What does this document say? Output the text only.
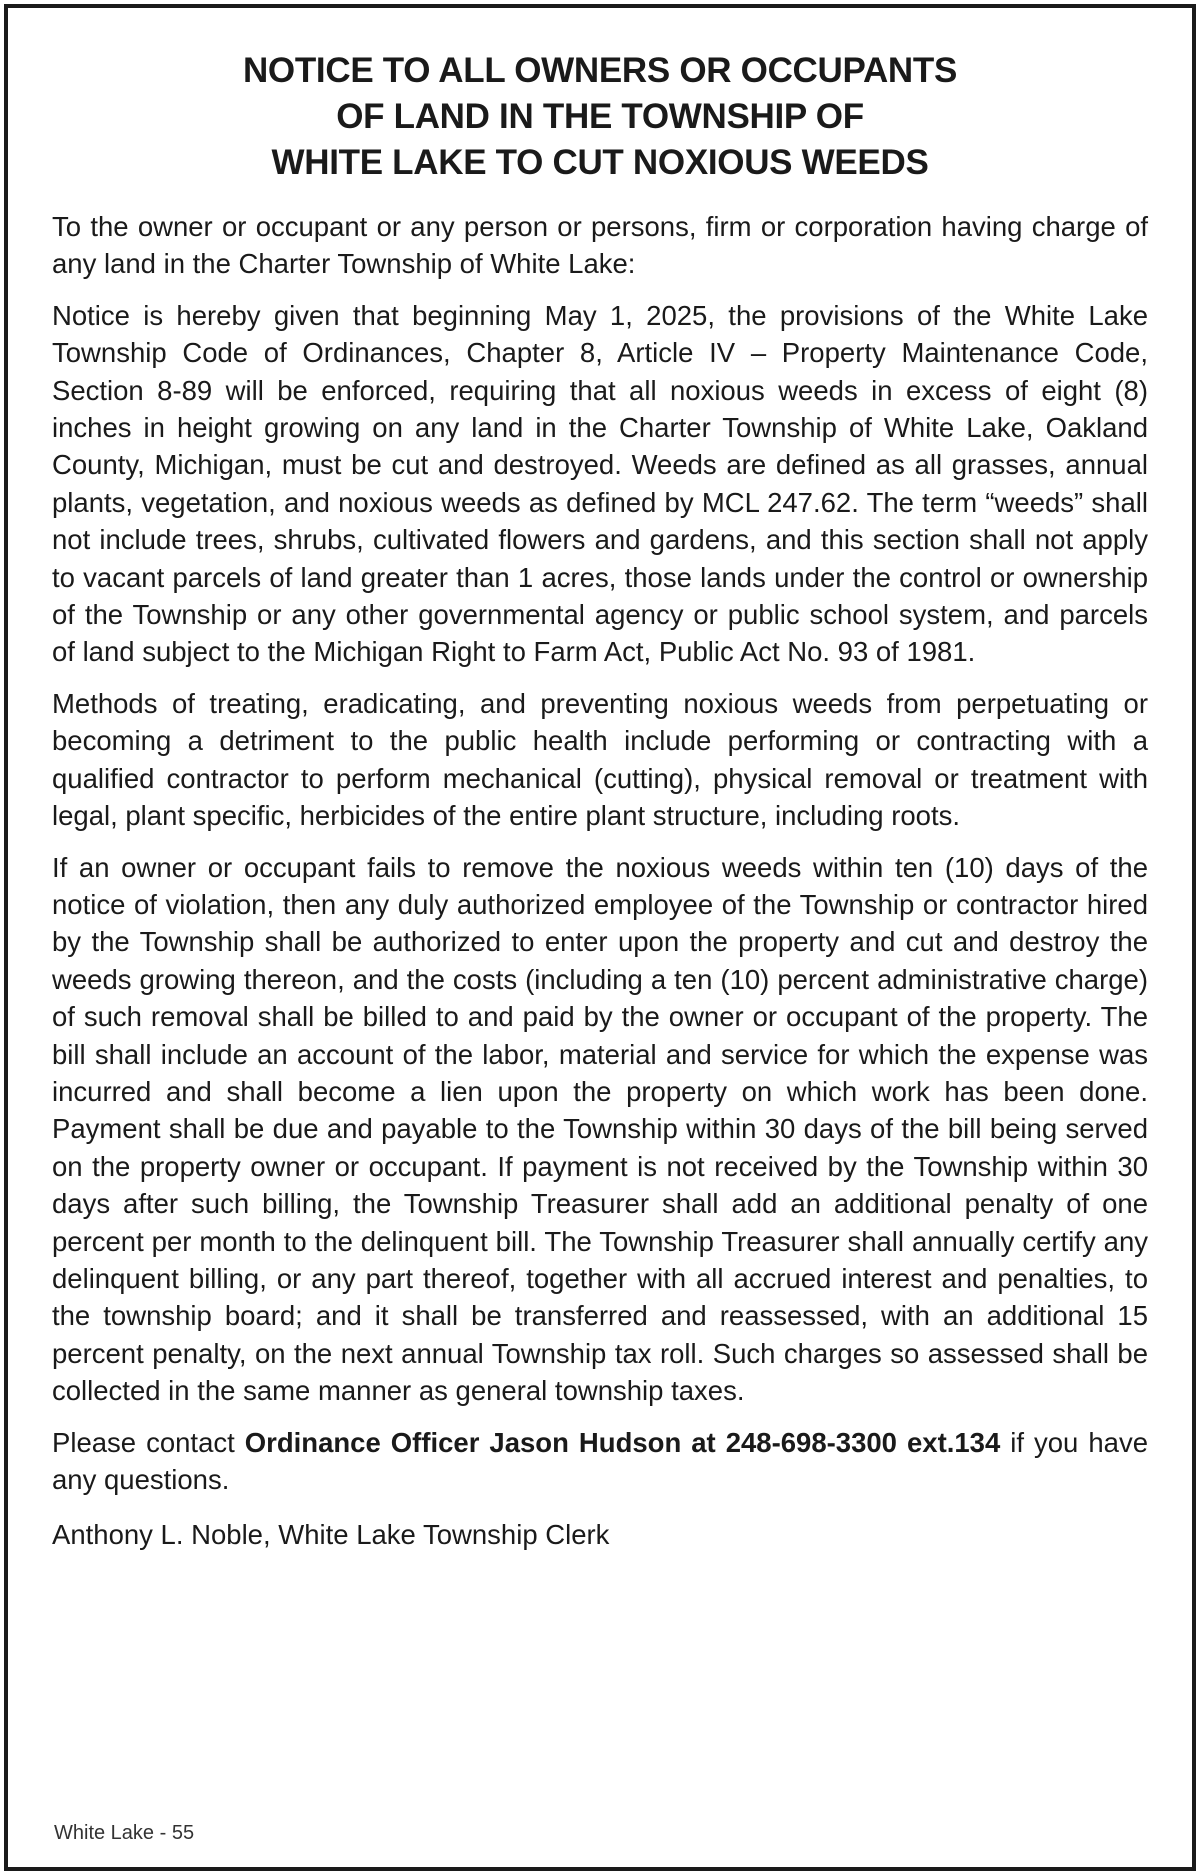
NOTICE TO ALL OWNERS OR OCCUPANTS
OF LAND IN THE TOWNSHIP OF
WHITE LAKE TO CUT NOXIOUS WEEDS

To the owner or occupant or any person or persons, firm or corporation having charge of any land in the Charter Township of White Lake:

Notice is hereby given that beginning May 1, 2025, the provisions of the White Lake Township Code of Ordinances, Chapter 8, Article IV – Property Maintenance Code, Section 8-89 will be enforced, requiring that all noxious weeds in excess of eight (8) inches in height growing on any land in the Charter Township of White Lake, Oakland County, Michigan, must be cut and destroyed. Weeds are defined as all grasses, annual plants, vegetation, and noxious weeds as defined by MCL 247.62. The term “weeds” shall not include trees, shrubs, cultivated flowers and gardens, and this section shall not apply to vacant parcels of land greater than 1 acres, those lands under the control or ownership of the Township or any other governmental agency or public school system, and parcels of land subject to the Michigan Right to Farm Act, Public Act No. 93 of 1981.

Methods of treating, eradicating, and preventing noxious weeds from perpetuating or becoming a detriment to the public health include performing or contracting with a qualified contractor to perform mechanical (cutting), physical removal or treatment with legal, plant specific, herbicides of the entire plant structure, including roots.

If an owner or occupant fails to remove the noxious weeds within ten (10) days of the notice of violation, then any duly authorized employee of the Township or contractor hired by the Township shall be authorized to enter upon the property and cut and destroy the weeds growing thereon, and the costs (including a ten (10) percent administrative charge) of such removal shall be billed to and paid by the owner or occupant of the property. The bill shall include an account of the labor, material and service for which the expense was incurred and shall become a lien upon the property on which work has been done. Payment shall be due and payable to the Township within 30 days of the bill being served on the property owner or occupant. If payment is not received by the Township within 30 days after such billing, the Township Treasurer shall add an additional penalty of one percent per month to the delinquent bill. The Township Treasurer shall annually certify any delinquent billing, or any part thereof, together with all accrued interest and penalties, to the township board; and it shall be transferred and reassessed, with an additional 15 percent penalty, on the next annual Township tax roll. Such charges so assessed shall be collected in the same manner as general township taxes.

Please contact Ordinance Officer Jason Hudson at 248-698-3300 ext.134 if you have any questions.

Anthony L. Noble, White Lake Township Clerk

White Lake - 55
